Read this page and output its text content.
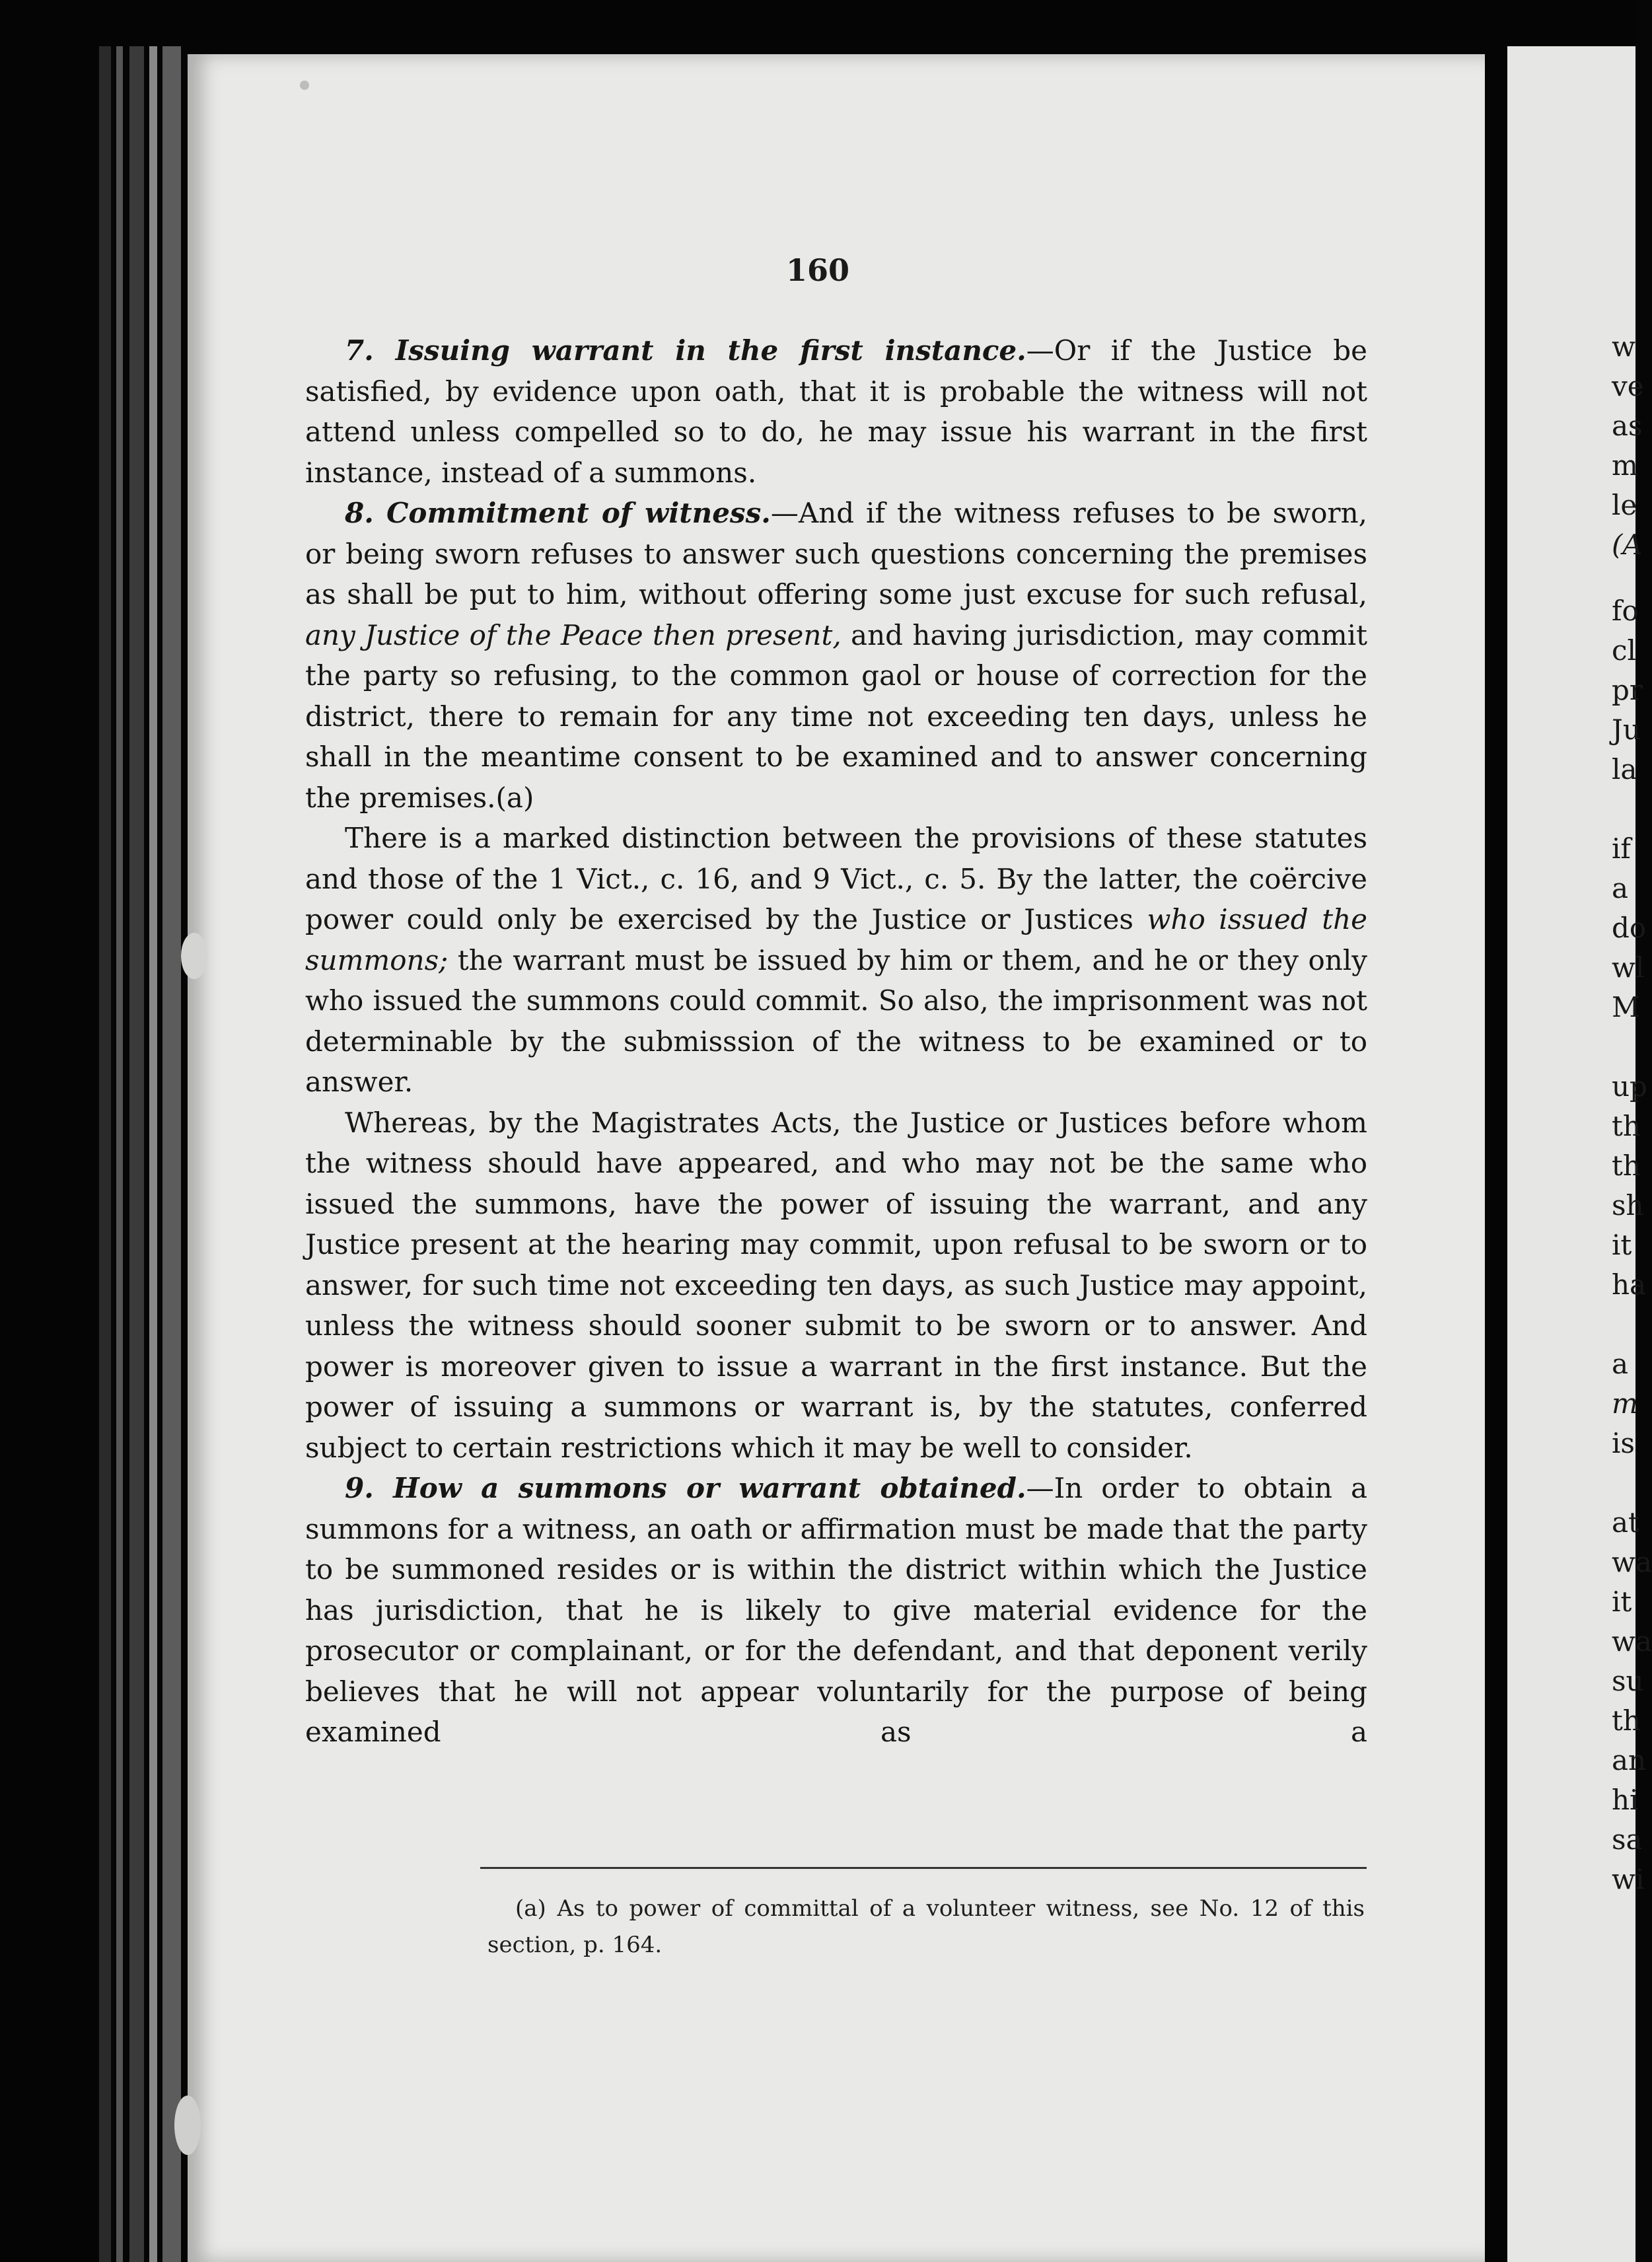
160

7. Issuing warrant in the first instance.—Or if the Justice be satisfied, by evidence upon oath, that it is probable the witness will not attend unless compelled so to do, he may issue his warrant in the first instance, instead of a summons.

8. Commitment of witness.—And if the witness refuses to be sworn, or being sworn refuses to answer such questions concerning the premises as shall be put to him, without offering some just excuse for such refusal, any Justice of the Peace then present, and having jurisdiction, may commit the party so refusing, to the common gaol or house of correction for the district, there to remain for any time not exceeding ten days, unless he shall in the meantime consent to be examined and to answer concerning the premises.(a)

There is a marked distinction between the provisions of these statutes and those of the 1 Vict., c. 16, and 9 Vict., c. 5. By the latter, the coërcive power could only be exercised by the Justice or Justices who issued the summons; the warrant must be issued by him or them, and he or they only who issued the summons could commit. So also, the imprisonment was not determinable by the submisssion of the witness to be examined or to answer.

Whereas, by the Magistrates Acts, the Justice or Justices before whom the witness should have appeared, and who may not be the same who issued the summons, have the power of issuing the warrant, and any Justice present at the hearing may commit, upon refusal to be sworn or to answer, for such time not exceeding ten days, as such Justice may appoint, unless the witness should sooner submit to be sworn or to answer. And power is moreover given to issue a warrant in the first instance. But the power of issuing a summons or warrant is, by the statutes, conferred subject to certain restrictions which it may be well to consider.

9. How a summons or warrant obtained.—In order to obtain a summons for a witness, an oath or affirmation must be made that the party to be summoned resides or is within the district within which the Justice has jurisdiction, that he is likely to give material evidence for the prosecutor or complainant, or for the defendant, and that deponent verily believes that he will not appear voluntarily for the purpose of being examined as a

(a) As to power of committal of a volunteer witness, see No. 12 of this section, p. 164.

w
ve
as
m
le
(A
fo
cl
pr
Ju
la
if
a
do
wl
M
up
th
th
sh
it
ha
a
m
is
at
wa
it
wa
su
th
an
hi
sa
wi
